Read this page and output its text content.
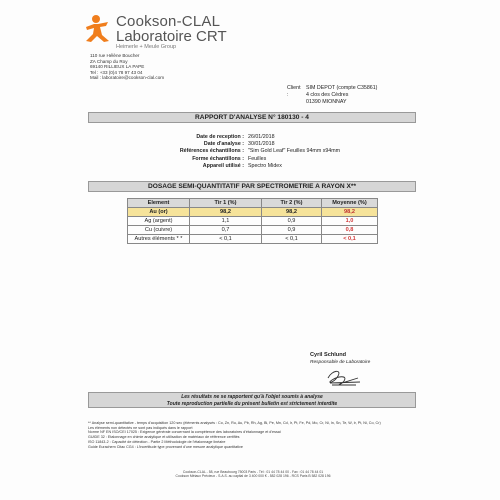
Cookson-CLAL
Laboratoire CRT
Heimerle + Meule Group
110 rue Hélène Boucher
ZA Champ du Roy
69140 RILLIEUX LA PAPE
Tel : +33 (0)4 78 97 43 04
Mail : laboratoire@cookson-clal.com
Client :
SIM DEPOT (compte C35861)
4 clos des Cèdres
01390 MIONNAY
RAPPORT D'ANALYSE N° 180130 - 4
Date de reception : 26/01/2018
Date d'analyse : 30/01/2018
Références échantillons : "Sim Gold Leaf" Feuilles 94mm x94mm
Forme échantillons : Feuilles
Appareil utilisé : Spectro Midex
DOSAGE SEMI-QUANTITATIF PAR SPECTROMETRIE A RAYON X**
Element	Tir 1 (%)	Tir 2 (%)	Moyenne (%)
Au (or)	98,2	98,2	98,2
Ag (argent)	1,1	0,9	1,0
Cu (cuivre)	0,7	0,9	0,8
Autres éléments * *	< 0,1	< 0,1	< 0,1
Cyril Schlund
Responsable de Laboratoire
Les résultats ne se rapportent qu'à l'objet soumis à analyse
Toute reproduction partielle du présent bulletin est strictement interdite
** Analyse semi-quantitative - temps d'acquisition 120 sec (éléments analysés : Co, Zn, Ru, Au, Pb, Rh, Ag, Bi, Pe, Mn, Cd, Ir, Pt, Fe, Pd, Mo, Cr, Ni, In, Sn, Te, W, Ir, Pt, Ni, Co, Cr)
Les éléments non détectés ne sont pas indiqués dans le rapport
Norme NF EN ISO/CEI 17025 : Exigence générale concernant la compétence des laboratoires d'étalonnage et d'essai
GUIDE 32 : Etalonnage en chimie analytique et utilisation de matériaux de référence certifiés
ISO 11843-2 : Capacité de détection - Partie 2 Méthodologie de l'étalonnage linéaire
Guide Eurachem Citac CG4 : L'incertitude type provenant d'une mesure analytique quantitative
Cookson-CLAL - 58, rue Beaubourg 75003 Paris - Tél : 01 44 78 44 00 - Fax : 01 44 78 44 01
Cookson Métaux Précieux - S.A.S. au capital de 3 400 000 € - 582 028 196 - RCS Paris B 582 028 196
